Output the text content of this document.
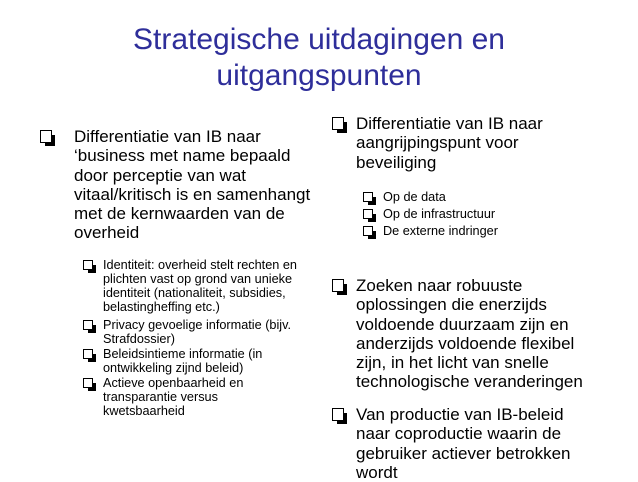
Strategische uitdagingen en uitgangspunten
Differentiatie van IB naar ‘business met name bepaald door perceptie van wat vitaal/kritisch is en samenhangt met de kernwaarden van de overheid
Identiteit: overheid stelt rechten en plichten vast op grond van unieke identiteit (nationaliteit, subsidies, belastingheffing etc.)
Privacy gevoelige informatie (bijv. Strafdossier)
Beleidsintieme informatie (in ontwikkeling zijnd beleid)
Actieve openbaarheid en transparantie versus kwetsbaarheid
Differentiatie van IB naar aangrijpingspunt voor beveiliging
Op de data
Op de infrastructuur
De externe indringer
Zoeken naar robuuste oplossingen die enerzijds voldoende duurzaam zijn en anderzijds voldoende flexibel zijn, in het licht van snelle technologische veranderingen
Van productie van IB-beleid naar coproductie waarin de gebruiker actiever betrokken wordt
